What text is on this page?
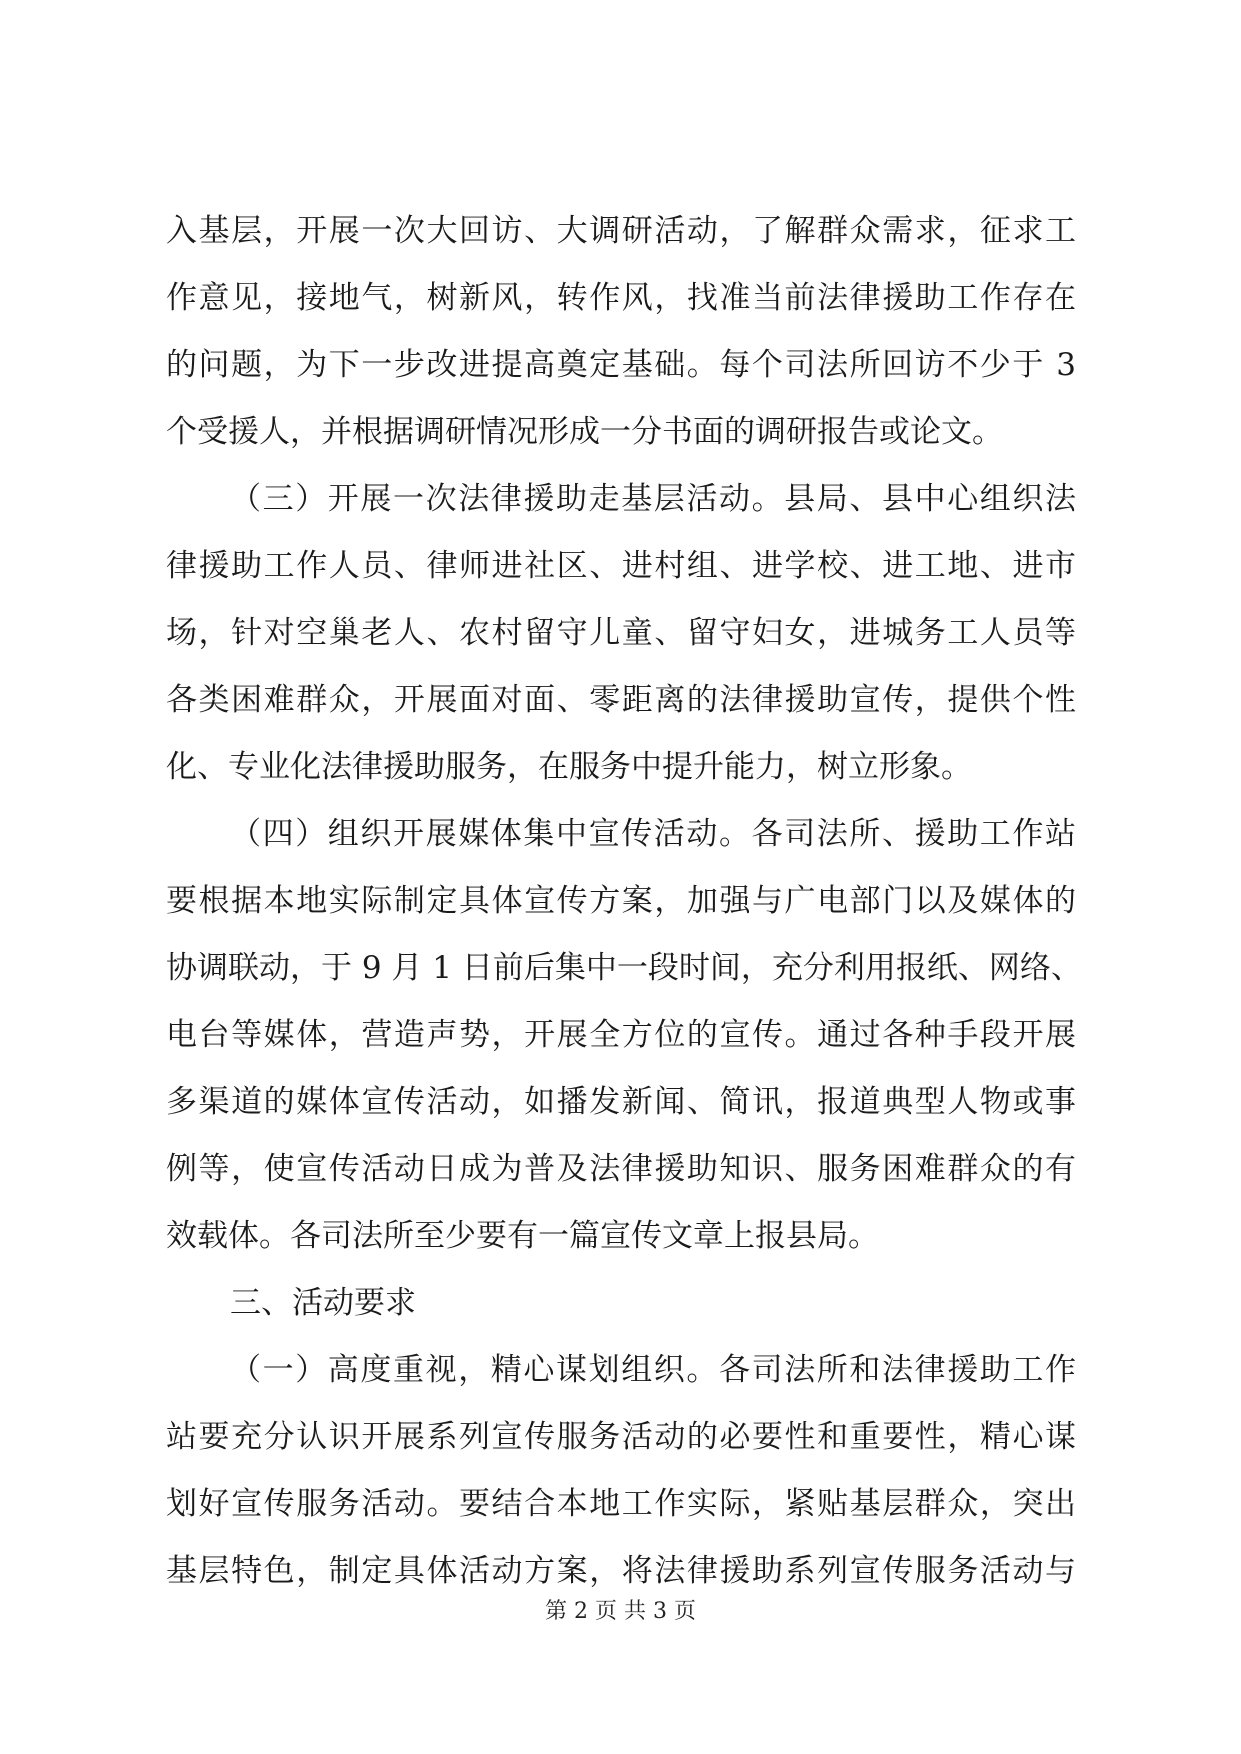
入基层，开展一次大回访、大调研活动，了解群众需求，征求工
作意见，接地气，树新风，转作风，找准当前法律援助工作存在
的问题，为下一步改进提高奠定基础。每个司法所回访不少于 3
个受援人，并根据调研情况形成一分书面的调研报告或论文。
（三）开展一次法律援助走基层活动。县局、县中心组织法
律援助工作人员、律师进社区、进村组、进学校、进工地、进市
场，针对空巢老人、农村留守儿童、留守妇女，进城务工人员等
各类困难群众，开展面对面、零距离的法律援助宣传，提供个性
化、专业化法律援助服务，在服务中提升能力，树立形象。
（四）组织开展媒体集中宣传活动。各司法所、援助工作站
要根据本地实际制定具体宣传方案，加强与广电部门以及媒体的
协调联动，于 9 月 1 日前后集中一段时间，充分利用报纸、网络、
电台等媒体，营造声势，开展全方位的宣传。通过各种手段开展
多渠道的媒体宣传活动，如播发新闻、简讯，报道典型人物或事
例等，使宣传活动日成为普及法律援助知识、服务困难群众的有
效载体。各司法所至少要有一篇宣传文章上报县局。
三、活动要求
（一）高度重视，精心谋划组织。各司法所和法律援助工作
站要充分认识开展系列宣传服务活动的必要性和重要性，精心谋
划好宣传服务活动。要结合本地工作实际，紧贴基层群众，突出
基层特色，制定具体活动方案，将法律援助系列宣传服务活动与
第 2 页 共 3 页
